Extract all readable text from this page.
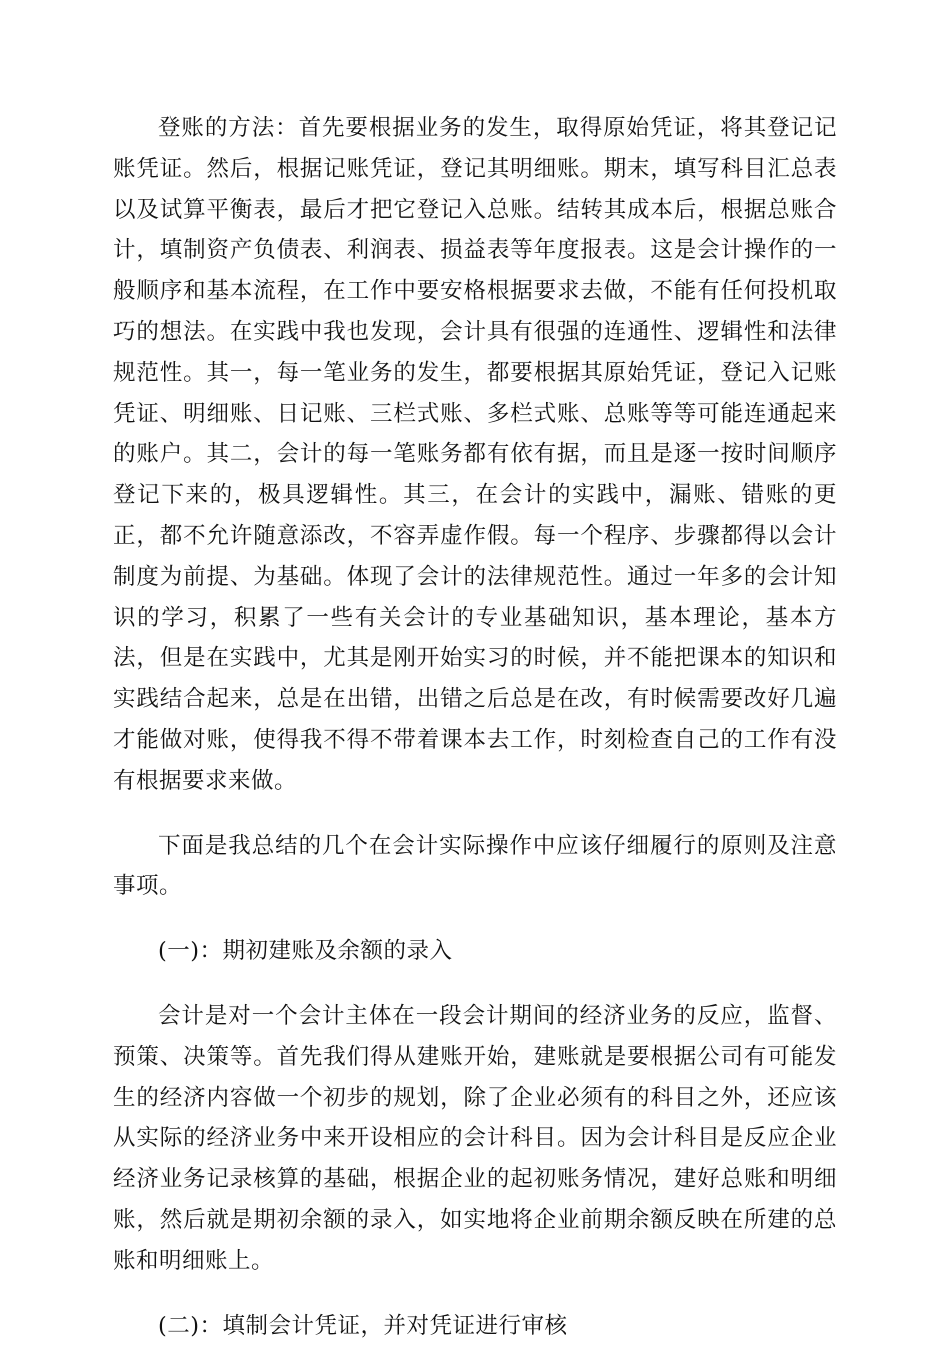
登账的方法：首先要根据业务的发生，取得原始凭证，将其登记记账凭证。然后，根据记账凭证，登记其明细账。期末，填写科目汇总表以及试算平衡表，最后才把它登记入总账。结转其成本后，根据总账合计，填制资产负债表、利润表、损益表等年度报表。这是会计操作的一般顺序和基本流程，在工作中要安格根据要求去做，不能有任何投机取巧的想法。在实践中我也发现，会计具有很强的连通性、逻辑性和法律规范性。其一，每一笔业务的发生，都要根据其原始凭证，登记入记账凭证、明细账、日记账、三栏式账、多栏式账、总账等等可能连通起来的账户。其二，会计的每一笔账务都有依有据，而且是逐一按时间顺序登记下来的，极具逻辑性。其三，在会计的实践中，漏账、错账的更正，都不允许随意添改，不容弄虚作假。每一个程序、步骤都得以会计制度为前提、为基础。体现了会计的法律规范性。通过一年多的会计知识的学习，积累了一些有关会计的专业基础知识，基本理论，基本方法，但是在实践中，尤其是刚开始实习的时候，并不能把课本的知识和实践结合起来，总是在出错，出错之后总是在改，有时候需要改好几遍才能做对账，使得我不得不带着课本去工作，时刻检查自己的工作有没有根据要求来做。

下面是我总结的几个在会计实际操作中应该仔细履行的原则及注意事项。

(一)：期初建账及余额的录入

会计是对一个会计主体在一段会计期间的经济业务的反应，监督、预策、决策等。首先我们得从建账开始，建账就是要根据公司有可能发生的经济内容做一个初步的规划，除了企业必须有的科目之外，还应该从实际的经济业务中来开设相应的会计科目。因为会计科目是反应企业经济业务记录核算的基础，根据企业的起初账务情况，建好总账和明细账，然后就是期初余额的录入，如实地将企业前期余额反映在所建的总账和明细账上。

(二)：填制会计凭证，并对凭证进行审核
